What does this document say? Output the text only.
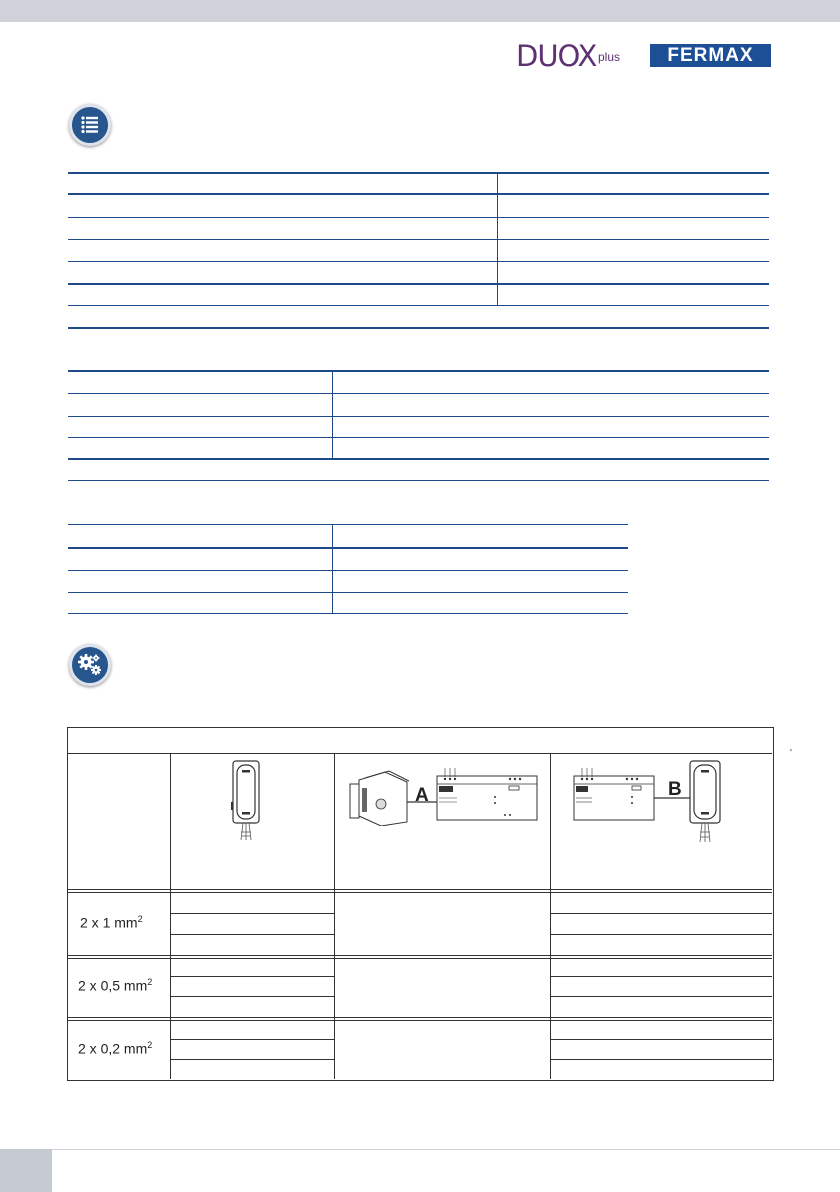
DUOX plus	FERMAX
2 x 1 $mm^2$
2 x 0,5 $mm^2$
2 x 0,2 $mm^2$
A	B
'
